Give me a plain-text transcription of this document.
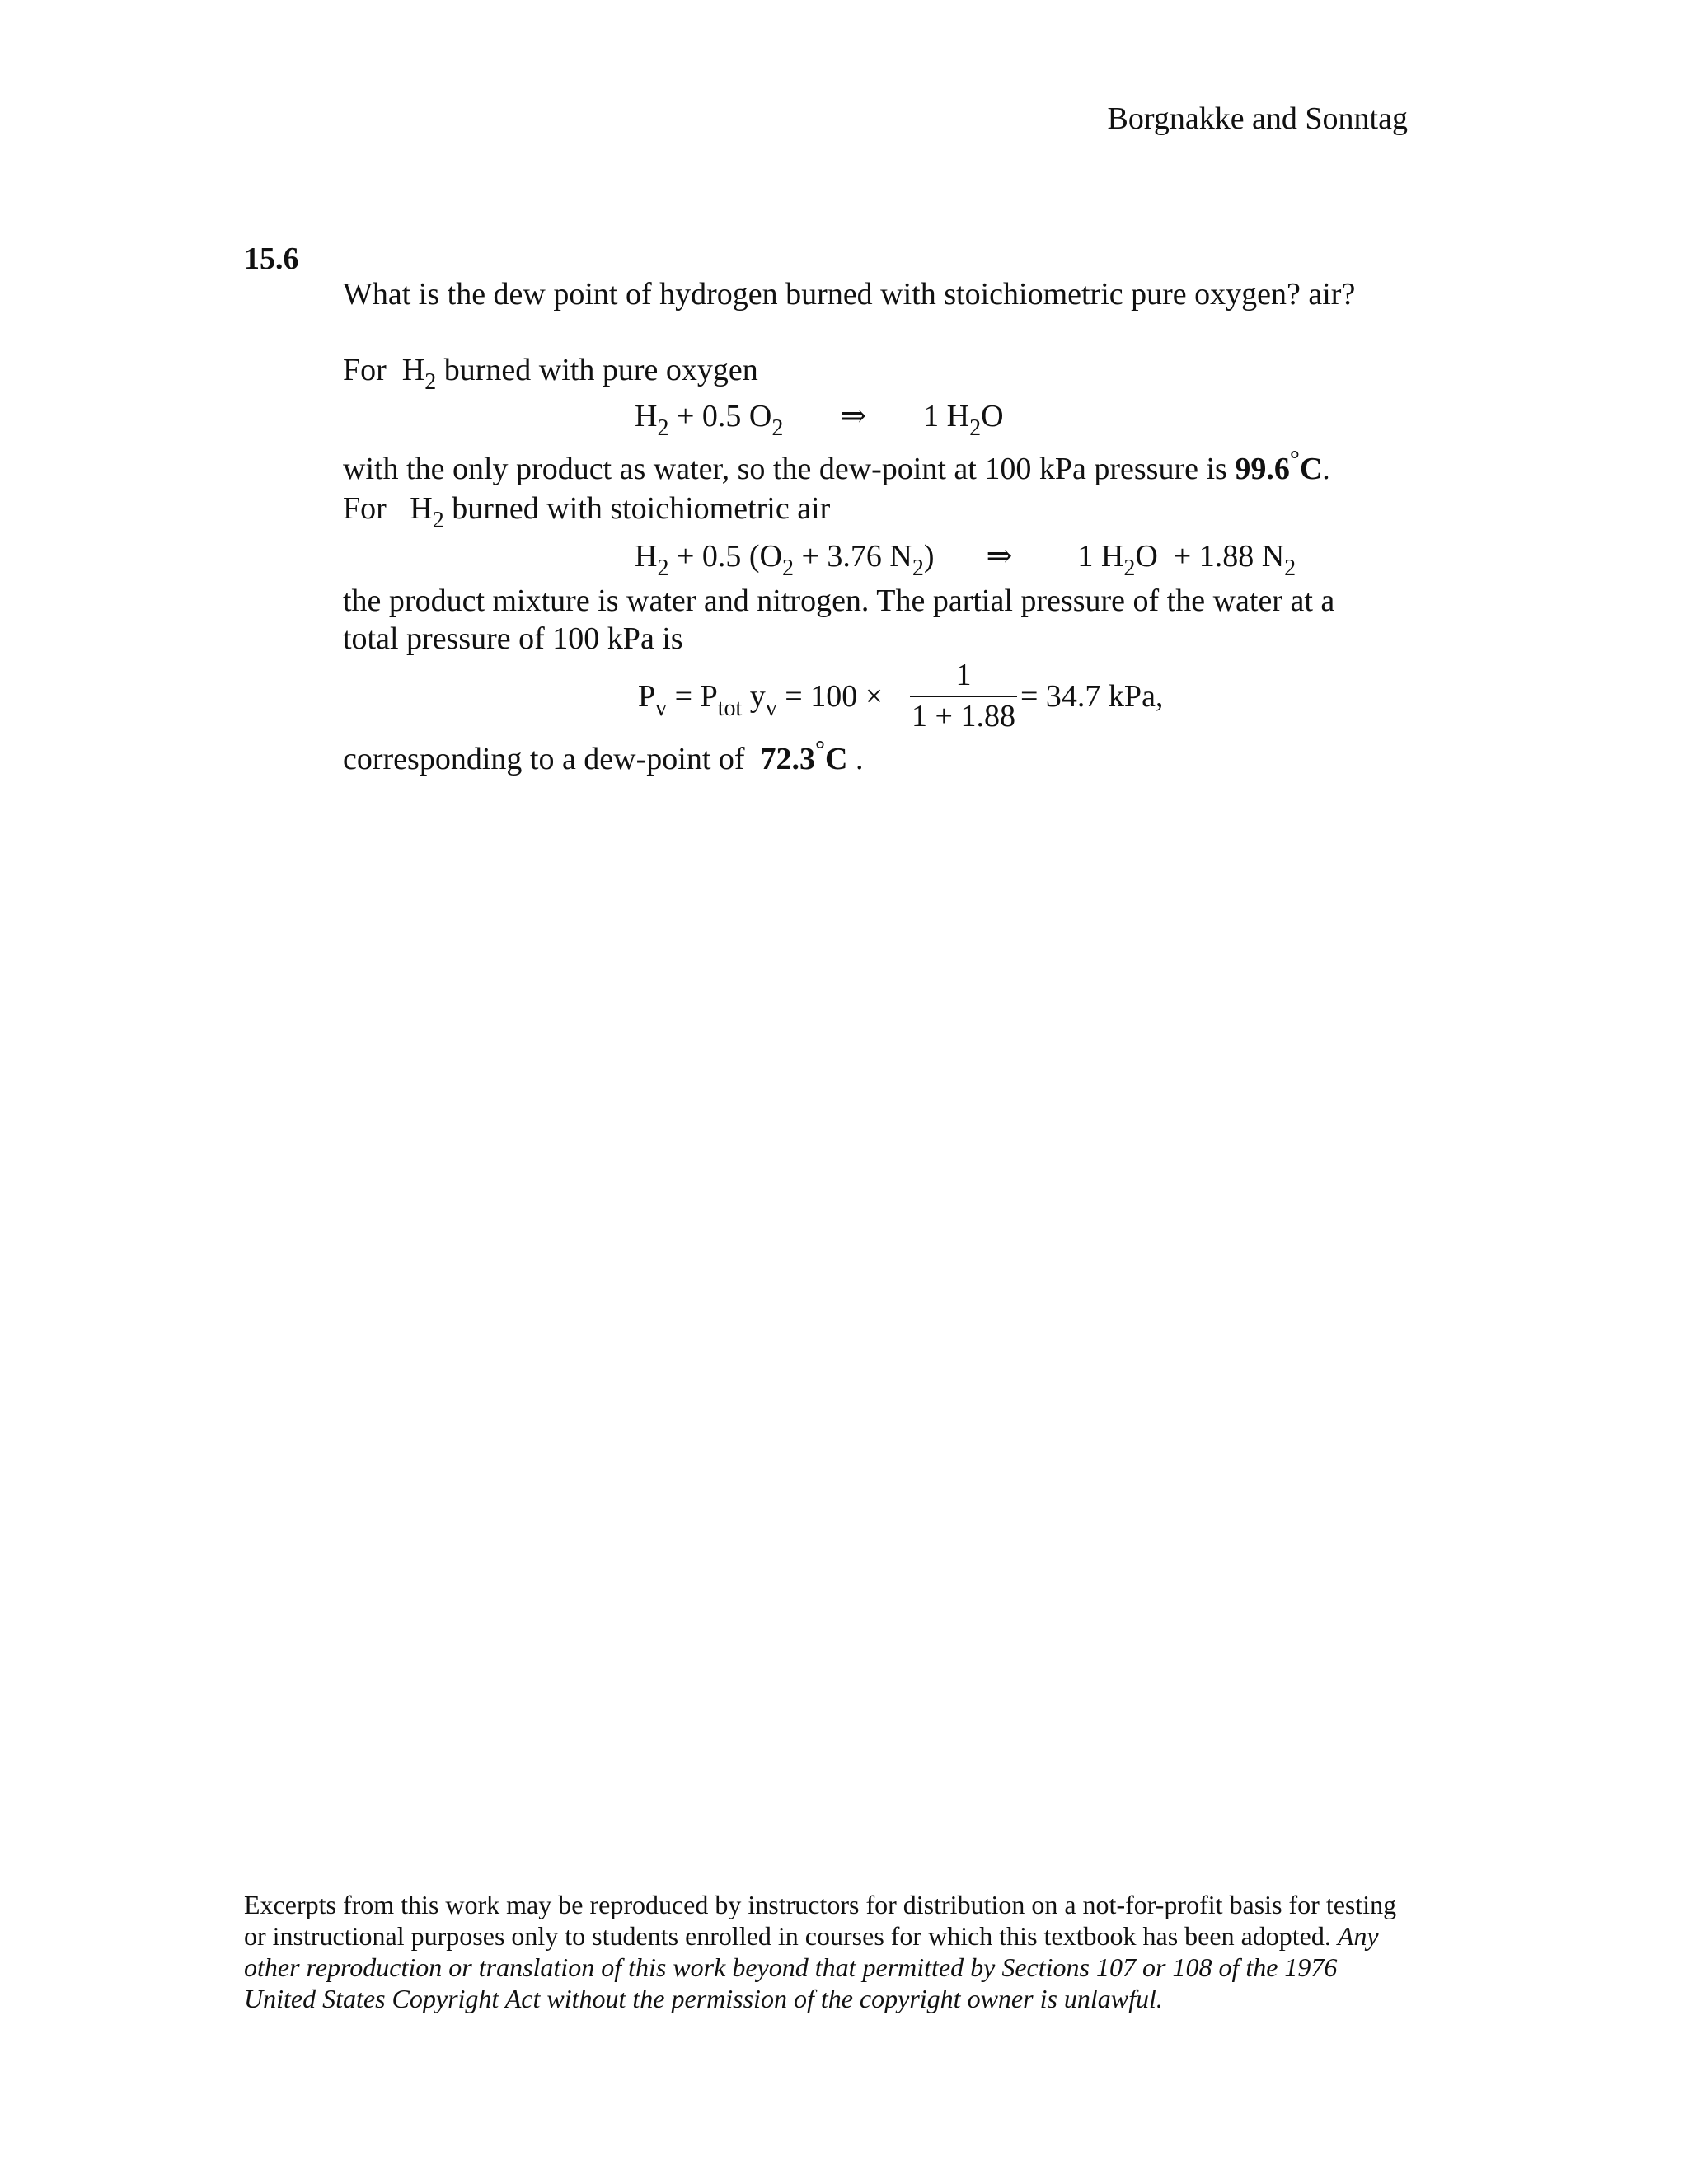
Borgnakke and Sonntag
15.6
What is the dew point of hydrogen burned with stoichiometric pure oxygen? air?
For $H_2$ burned with pure oxygen
$H_2 + 0.5$ $O_2$ ⇒ 1 $H_2O$
with the only product as water, so the dew-point at 100 kPa pressure is 99.6°C.
For $H_2$ burned with stoichiometric air
$H_2 + 0.5$ ($O_2 + 3.76$ $N_2$) ⇒ 1 $H_2O + 1.88$ $N_2$
the product mixture is water and nitrogen. The partial pressure of the water at a
total pressure of 100 kPa is
$P_v = P_{tot}$ $y_v = 100$ ×
1
1 + 1.88
= 34.7 kPa,
corresponding to a dew-point of 72.3°C .
Excerpts from this work may be reproduced by instructors for distribution on a not-for-profit basis for testing or instructional purposes only to students enrolled in courses for which this textbook has been adopted. Any other reproduction or translation of this work beyond that permitted by Sections 107 or 108 of the 1976 United States Copyright Act without the permission of the copyright owner is unlawful.
